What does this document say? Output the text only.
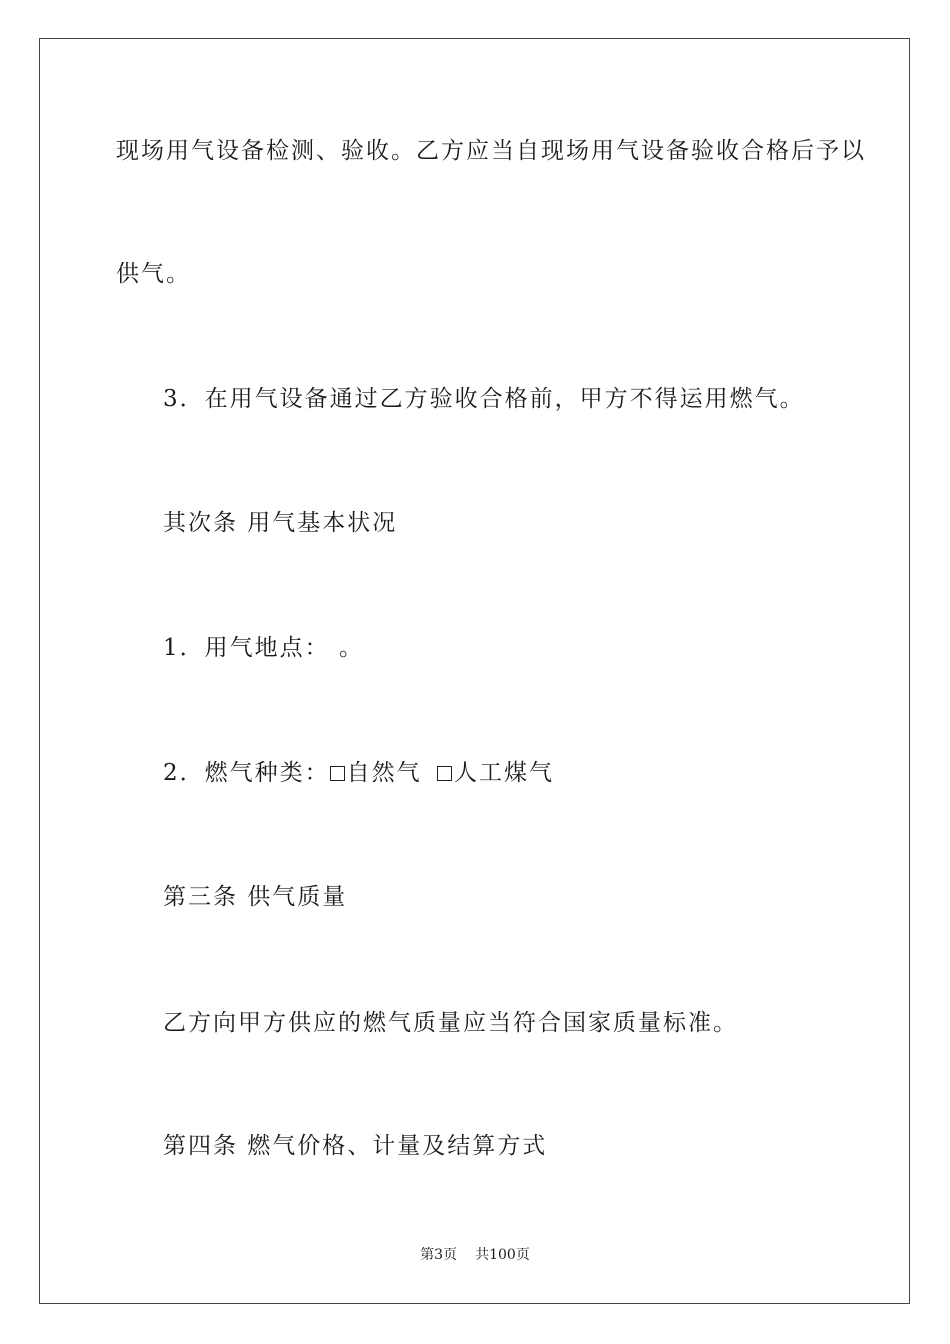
现场用气设备检测、验收。乙方应当自现场用气设备验收合格后予以
供气。
3．在用气设备通过乙方验收合格前，甲方不得运用燃气。
其次条 用气基本状况
1．用气地点： 。
2．燃气种类： 自然气 人工煤气
第三条 供气质量
乙方向甲方供应的燃气质量应当符合国家质量标准。
第四条 燃气价格、计量及结算方式
第3页 共100页
